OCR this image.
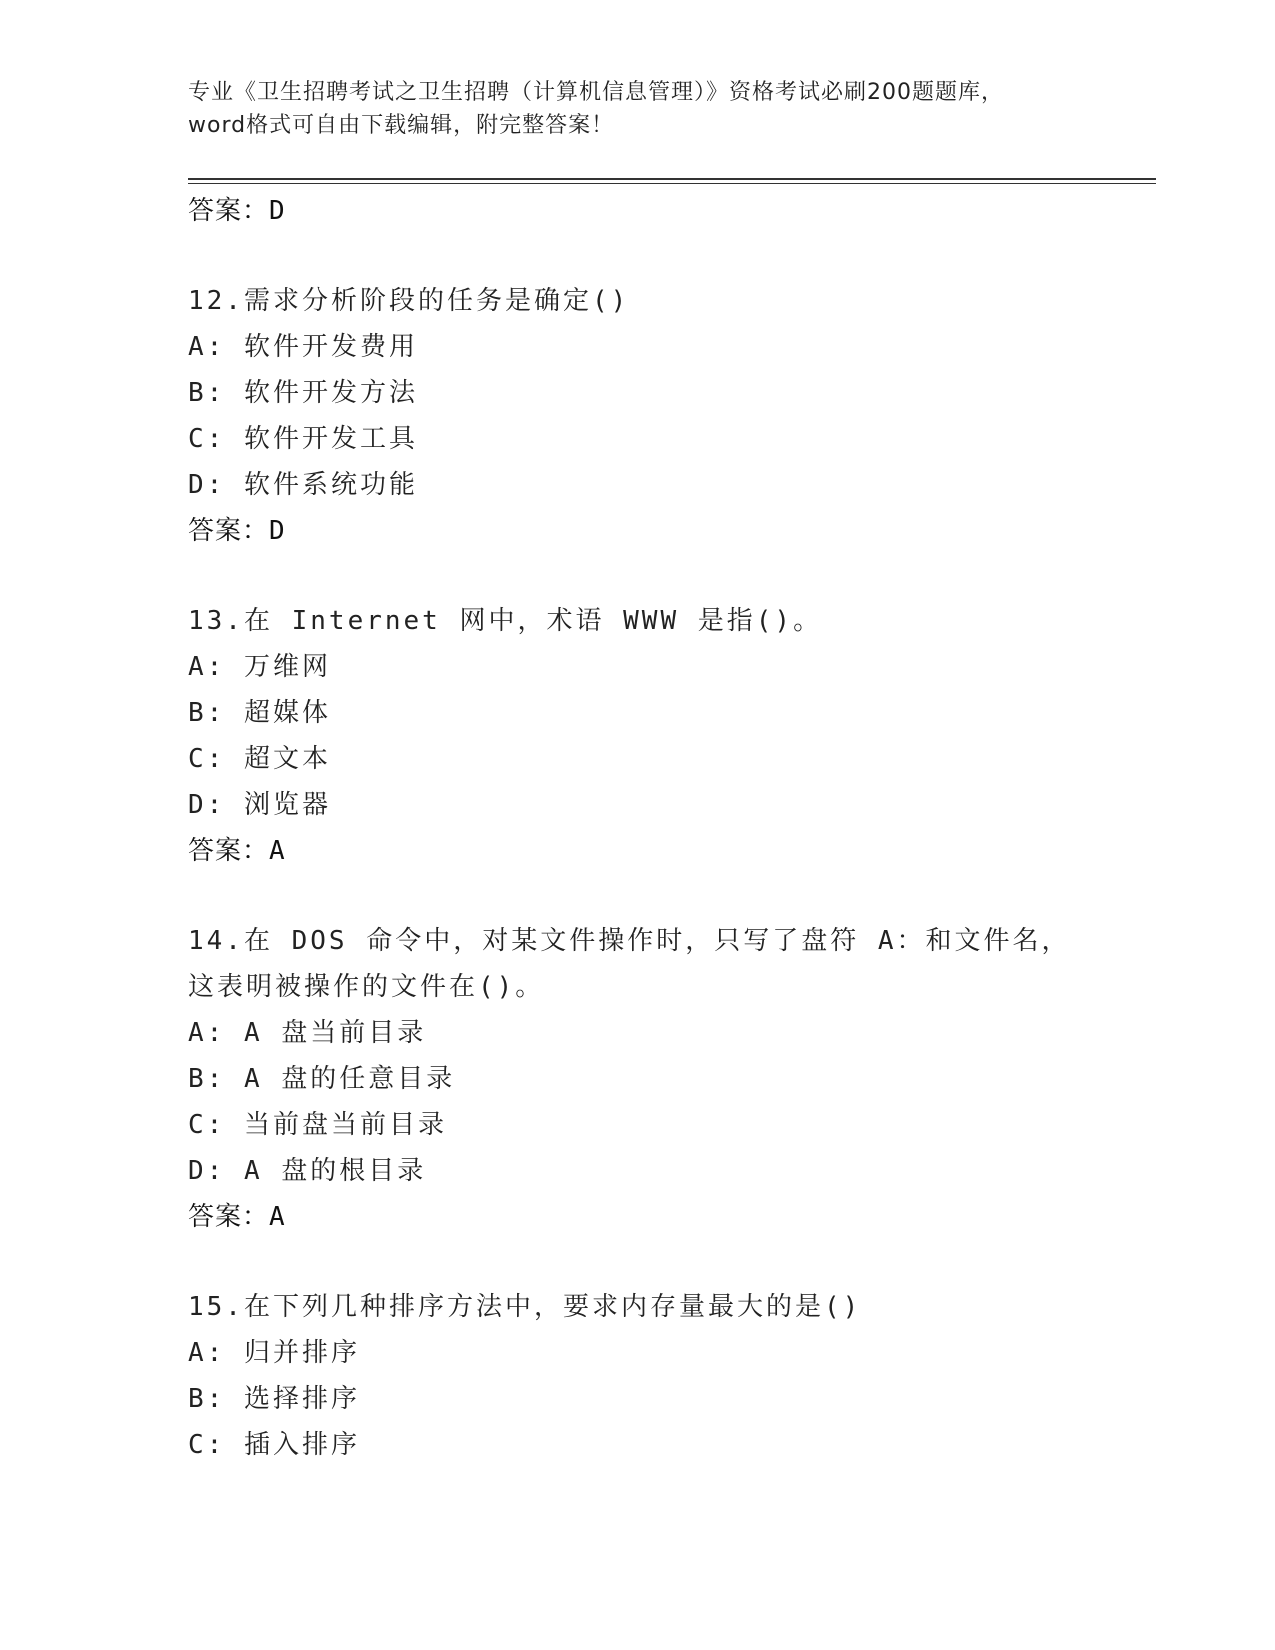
专业《卫生招聘考试之卫生招聘（计算机信息管理）》资格考试必刷200题题库，
word格式可自由下载编辑，附完整答案！
答案：D
12.需求分析阶段的任务是确定()
A: 软件开发费用
B: 软件开发方法
C: 软件开发工具
D: 软件系统功能
答案：D
13.在 Internet 网中，术语 WWW 是指()。
A: 万维网
B: 超媒体
C: 超文本
D: 浏览器
答案：A
14.在 DOS 命令中，对某文件操作时，只写了盘符 A：和文件名，这表明被操作的文件在()。
A: A 盘当前目录
B: A 盘的任意目录
C: 当前盘当前目录
D: A 盘的根目录
答案：A
15.在下列几种排序方法中，要求内存量最大的是()
A: 归并排序
B: 选择排序
C: 插入排序
